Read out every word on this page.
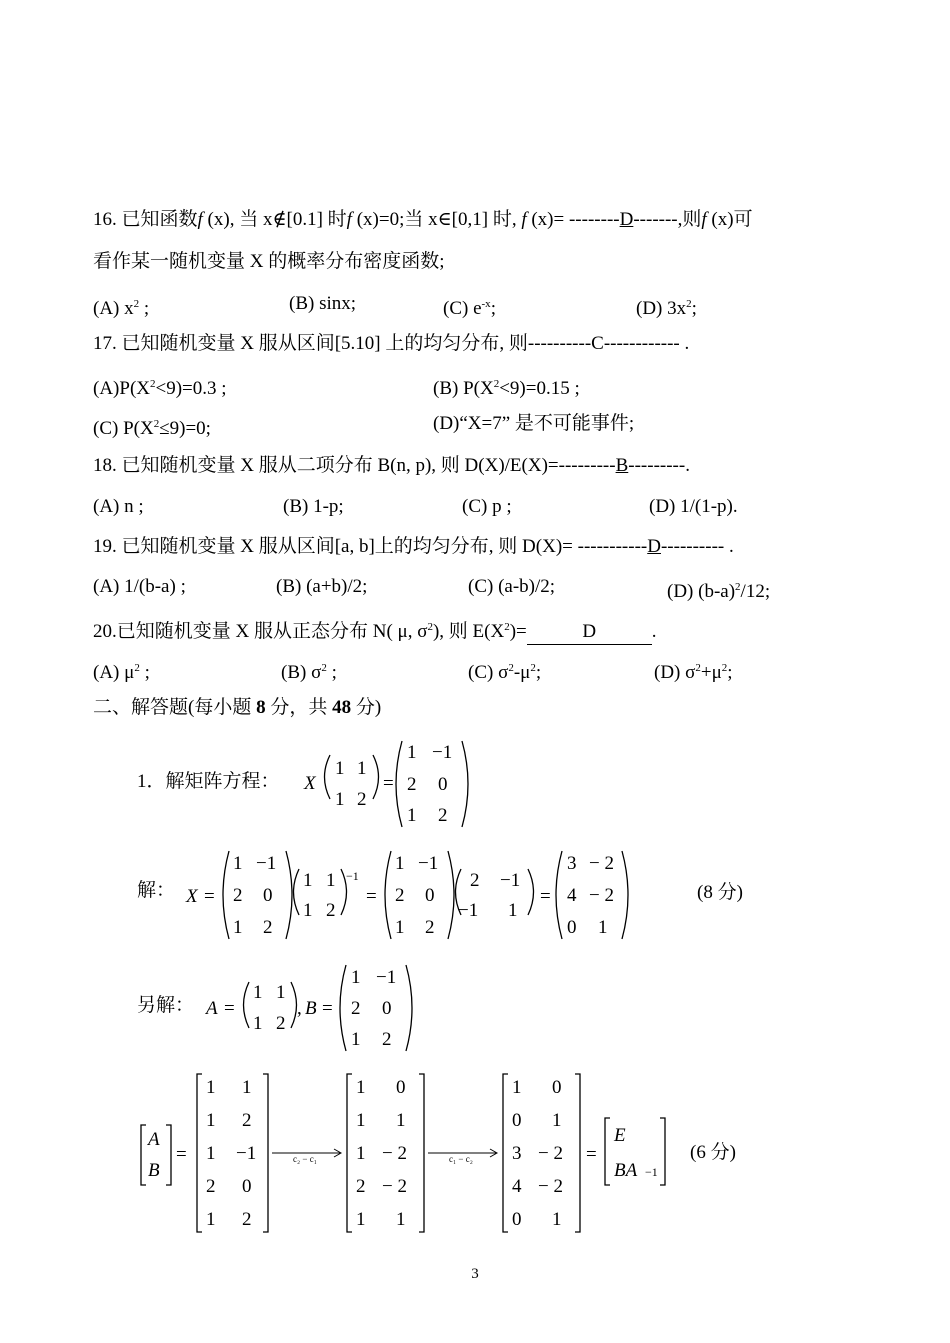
16. 已知函数f (x), 当 x∉[0.1] 时f (x)=0;当 x∈[0,1] 时, f (x)= --------D-------,则f (x)可
看作某一随机变量 X 的概率分布密度函数;
(A) $x^2$ ;	(B) sinx;	(C) $e^{-x}$;	(D) $3x^2$;
17. 已知随机变量 X 服从区间[5.10] 上的均匀分布, 则----------C------------ .
$(A)P(X^2<9)=0.3$ ;	(B) $P(X^2<9)=0.15$ ;
(C) $P(X^2\le 9)=0$;	(D)“X=7” 是不可能事件;
18. 已知随机变量 X 服从二项分布 B(n, p), 则 D(X)/E(X)=---------B---------.
(A) n ;	(B) 1-p;	(C) p ;	(D) 1/(1-p).
19. 已知随机变量 X 服从区间[a, b]上的均匀分布, 则 D(X)= -----------D---------- .
(A) 1/(b-a) ;	(B) (a+b)/2;	(C) (a-b)/2;	(D) $(b-a)^2/12$;
20.已知随机变量 X 服从正态分布 N( μ, $\sigma^2$), 则 $E(X^2)=$	D	.
(A) $\mu^2$ ;	(B) $\sigma^2$ ;	(C) $\sigma^2-\mu^2$;	(D) $\sigma^2+\mu^2$;
二、解答题(每小题 8 分，共 48 分)
1．解矩阵方程： X
1 1
1 2
=
1 −1
2 0
1 2
解： X =
1 −1
2 0
1 2
1 1
1 2
−1
=
1 −1
2 0
1 2
2 −1
−1 1
=
3 − 2
4 − 2
0 1
(8 分)
另解： A =
1 1
1 2
, B =
1 −1
2 0
1 2
A
B
=
1 1
1 2
1 −1
2 0
1 2
c₂ − c₁
1 0
1 1
1 − 2
2 − 2
1 1
c₁ − c₂
1 0
0 1
3 − 2
4 − 2
0 1
=
E
BA −1
(6 分)
3
